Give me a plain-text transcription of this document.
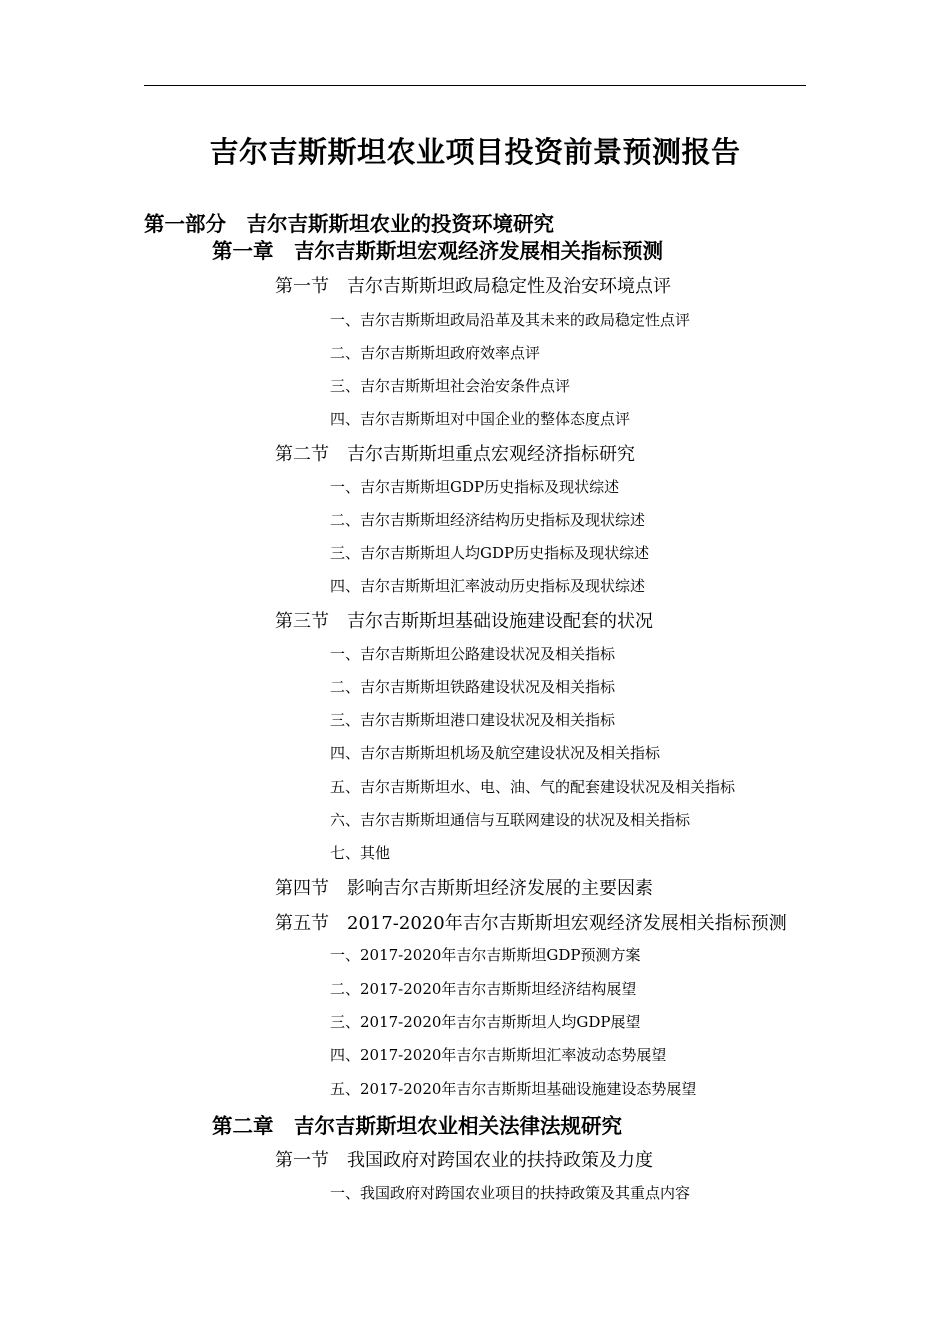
吉尔吉斯斯坦农业项目投资前景预测报告
第一部分　吉尔吉斯斯坦农业的投资环境研究
第一章　吉尔吉斯斯坦宏观经济发展相关指标预测
第一节　吉尔吉斯斯坦政局稳定性及治安环境点评
一、吉尔吉斯斯坦政局沿革及其未来的政局稳定性点评
二、吉尔吉斯斯坦政府效率点评
三、吉尔吉斯斯坦社会治安条件点评
四、吉尔吉斯斯坦对中国企业的整体态度点评
第二节　吉尔吉斯斯坦重点宏观经济指标研究
一、吉尔吉斯斯坦GDP历史指标及现状综述
二、吉尔吉斯斯坦经济结构历史指标及现状综述
三、吉尔吉斯斯坦人均GDP历史指标及现状综述
四、吉尔吉斯斯坦汇率波动历史指标及现状综述
第三节　吉尔吉斯斯坦基础设施建设配套的状况
一、吉尔吉斯斯坦公路建设状况及相关指标
二、吉尔吉斯斯坦铁路建设状况及相关指标
三、吉尔吉斯斯坦港口建设状况及相关指标
四、吉尔吉斯斯坦机场及航空建设状况及相关指标
五、吉尔吉斯斯坦水、电、油、气的配套建设状况及相关指标
六、吉尔吉斯斯坦通信与互联网建设的状况及相关指标
七、其他
第四节　影响吉尔吉斯斯坦经济发展的主要因素
第五节　2017-2020年吉尔吉斯斯坦宏观经济发展相关指标预测
一、2017-2020年吉尔吉斯斯坦GDP预测方案
二、2017-2020年吉尔吉斯斯坦经济结构展望
三、2017-2020年吉尔吉斯斯坦人均GDP展望
四、2017-2020年吉尔吉斯斯坦汇率波动态势展望
五、2017-2020年吉尔吉斯斯坦基础设施建设态势展望
第二章　吉尔吉斯斯坦农业相关法律法规研究
第一节　我国政府对跨国农业的扶持政策及力度
一、我国政府对跨国农业项目的扶持政策及其重点内容
